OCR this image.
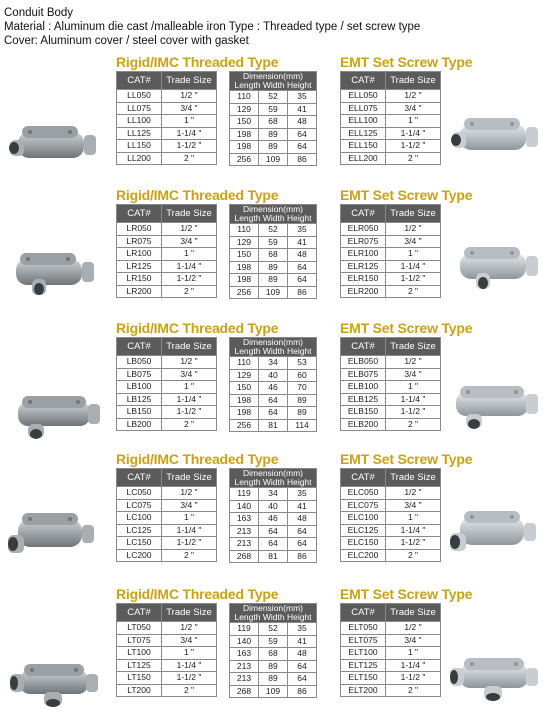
Conduit Body
Material : Aluminum die cast /malleable iron Type : Threaded type / set screw type
Cover: Aluminum cover / steel cover with gasket
Rigid/IMC Threaded Type	EMT Set Screw Type
CAT#	Trade Size
LL050	1/2 "
LL075	3/4 "
LL100	1 "
LL125	1-1/4 "
LL150	1-1/2 "
LL200	2 "
Dimension(mm)
Length Width Height		

110	52	35
129	59	41
150	68	48
198	89	64
198	89	64
256	109	86
CAT#	Trade Size
ELL050	1/2 "
ELL075	3/4 "
ELL100	1 "
ELL125	1-1/4 "
ELL150	1-1/2 "
ELL200	2 "
Rigid/IMC Threaded Type	EMT Set Screw Type
CAT#	Trade Size
LR050	1/2 "
LR075	3/4 "
LR100	1 "
LR125	1-1/4 "
LR150	1-1/2 "
LR200	2 "
Dimension(mm)
Length Width Height		

110	52	35
129	59	41
150	68	48
198	89	64
198	89	64
256	109	86
CAT#	Trade Size
ELR050	1/2 "
ELR075	3/4 "
ELR100	1 "
ELR125	1-1/4 "
ELR150	1-1/2 "
ELR200	2 "
Rigid/IMC Threaded Type	EMT Set Screw Type
CAT#	Trade Size
LB050	1/2 "
LB075	3/4 "
LB100	1 "
LB125	1-1/4 "
LB150	1-1/2 "
LB200	2 "
Dimension(mm)
Length Width Height		

110	34	53
129	40	60
150	46	70
198	64	89
198	64	89
256	81	114
CAT#	Trade Size
ELB050	1/2 "
ELB075	3/4 "
ELB100	1 "
ELB125	1-1/4 "
ELB150	1-1/2 "
ELB200	2 "
Rigid/IMC Threaded Type	EMT Set Screw Type
CAT#	Trade Size
LC050	1/2 "
LC075	3/4 "
LC100	1 "
LC125	1-1/4 "
LC150	1-1/2 "
LC200	2 "
Dimension(mm)
Length Width Height		

119	34	35
140	40	41
163	46	48
213	64	64
213	64	64
268	81	86
CAT#	Trade Size
ELC050	1/2 "
ELC075	3/4 "
ELC100	1 "
ELC125	1-1/4 "
ELC150	1-1/2 "
ELC200	2 "
Rigid/IMC Threaded Type	EMT Set Screw Type
CAT#	Trade Size
LT050	1/2 "
LT075	3/4 "
LT100	1 "
LT125	1-1/4 "
LT150	1-1/2 "
LT200	2 "
Dimension(mm)
Length Width Height		

119	52	35
140	59	41
163	68	48
213	89	64
213	89	64
268	109	86
CAT#	Trade Size
ELT050	1/2 "
ELT075	3/4 "
ELT100	1 "
ELT125	1-1/4 "
ELT150	1-1/2 "
ELT200	2 "
